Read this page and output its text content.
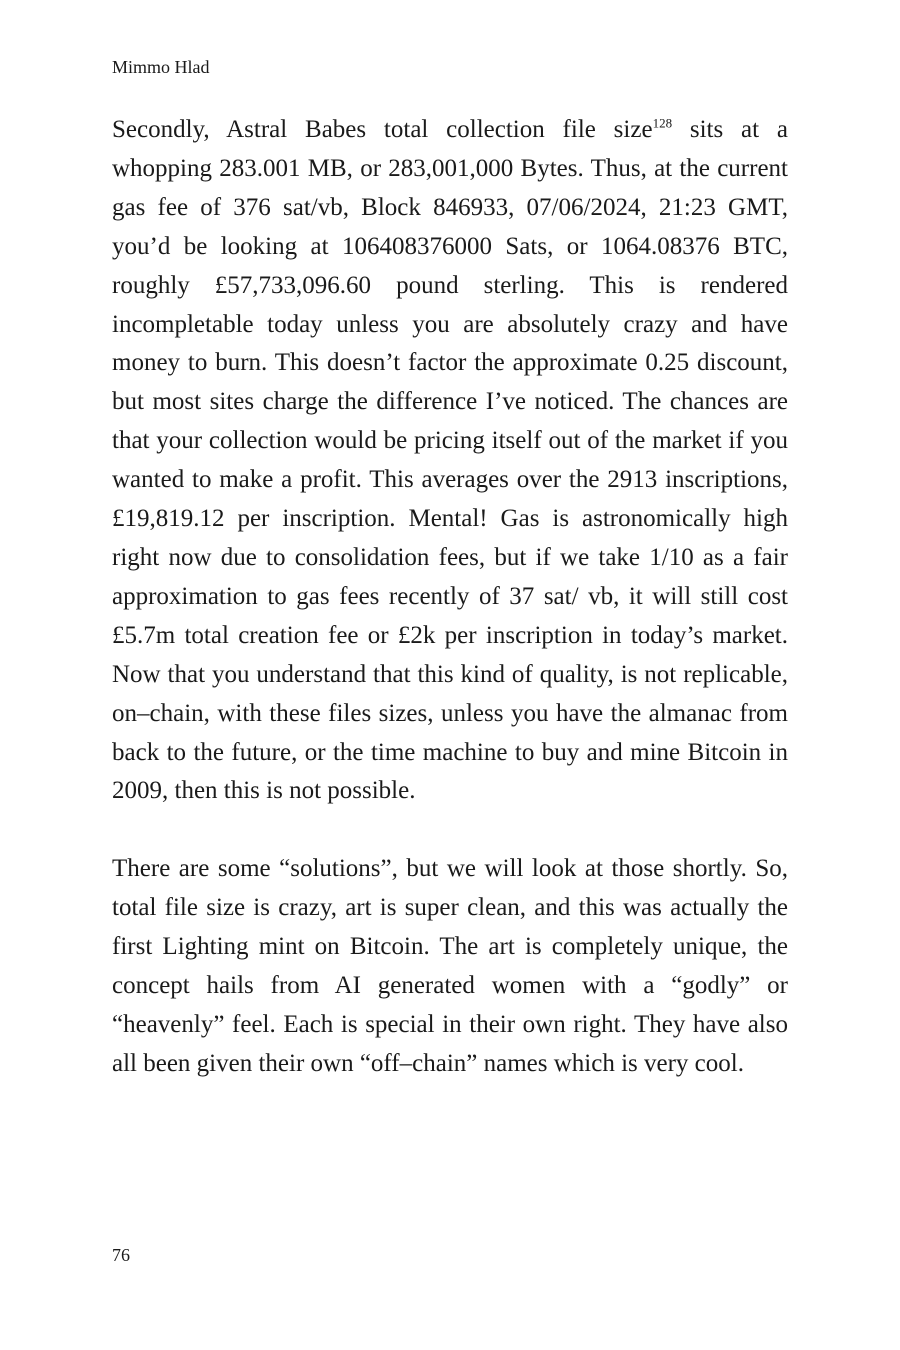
Mimmo Hlad

Secondly, Astral Babes total collection file size$^{128}$ sits at a whopping 283.001 MB, or 283,001,000 Bytes. Thus, at the current gas fee of 376 sat/vb, Block 846933, 07/06/2024, 21:23 GMT, you’d be looking at 106408376000 Sats, or 1064.08376 BTC, roughly £57,733,096.60 pound sterling. This is rendered incompletable today unless you are absolutely crazy and have money to burn. This doesn’t factor the approximate 0.25 discount, but most sites charge the difference I’ve noticed. The chances are that your collection would be pricing itself out of the market if you wanted to make a profit. This averages over the 2913 inscriptions, £19,819.12 per inscription. Mental! Gas is astronomically high right now due to consolidation fees, but if we take 1/10 as a fair approximation to gas fees recently of 37 sat/ vb, it will still cost £5.7m total creation fee or £2k per inscription in today’s market. Now that you understand that this kind of quality, is not replicable, on–chain, with these files sizes, unless you have the almanac from back to the future, or the time machine to buy and mine Bitcoin in 2009, then this is not possible.

There are some “solutions”, but we will look at those shortly. So, total file size is crazy, art is super clean, and this was actually the first Lighting mint on Bitcoin. The art is completely unique, the concept hails from AI generated women with a “godly” or “heavenly” feel. Each is special in their own right. They have also all been given their own “off–chain” names which is very cool.

76
